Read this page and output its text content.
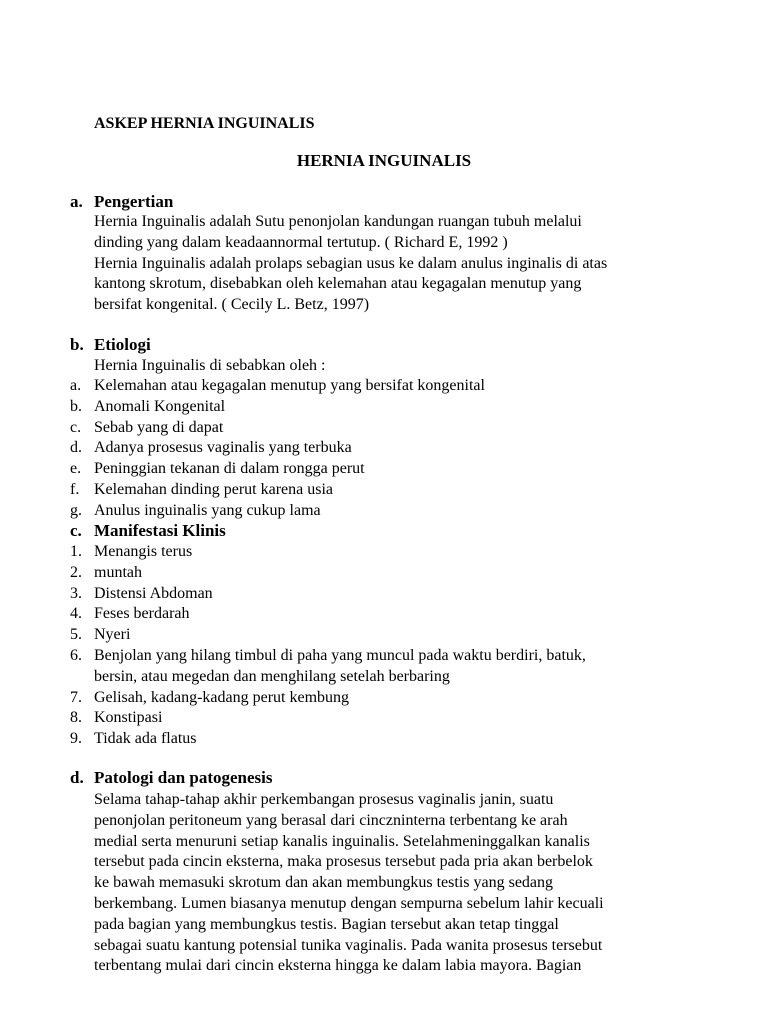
ASKEP HERNIA INGUINALIS
HERNIA INGUINALIS
a. Pengertian

Hernia Inguinalis adalah Sutu penonjolan kandungan ruangan tubuh melalui

dinding yang dalam keadaannormal tertutup. ( Richard E, 1992 )

Hernia Inguinalis adalah prolaps sebagian usus ke dalam anulus inginalis di atas

kantong skrotum, disebabkan oleh kelemahan atau kegagalan menutup yang

bersifat kongenital. ( Cecily L. Betz, 1997)

b. Etiologi
Hernia Inguinalis di sebabkan oleh :
a. Kelemahan atau kegagalan menutup yang bersifat kongenital
b. Anomali Kongenital
c. Sebab yang di dapat
d. Adanya prosesus vaginalis yang terbuka
e. Peninggian tekanan di dalam rongga perut
f. Kelemahan dinding perut karena usia
g. Anulus inguinalis yang cukup lama
c. Manifestasi Klinis
1. Menangis terus
2. muntah
3. Distensi Abdoman
4. Feses berdarah
5. Nyeri
6. Benjolan yang hilang timbul di paha yang muncul pada waktu berdiri, batuk,
bersin, atau megedan dan menghilang setelah berbaring
7. Gelisah, kadang-kadang perut kembung
8. Konstipasi
9. Tidak ada flatus
d. Patologi dan patogenesis

Selama tahap-tahap akhir perkembangan prosesus vaginalis janin, suatu

penonjolan peritoneum yang berasal dari cinczninterna terbentang ke arah

medial serta menuruni setiap kanalis inguinalis. Setelahmeninggalkan kanalis

tersebut pada cincin eksterna, maka prosesus tersebut pada pria akan berbelok

ke bawah memasuki skrotum dan akan membungkus testis yang sedang

berkembang. Lumen biasanya menutup dengan sempurna sebelum lahir kecuali

pada bagian yang membungkus testis. Bagian tersebut akan tetap tinggal

sebagai suatu kantung potensial tunika vaginalis. Pada wanita prosesus tersebut

terbentang mulai dari cincin eksterna hingga ke dalam labia mayora. Bagian
